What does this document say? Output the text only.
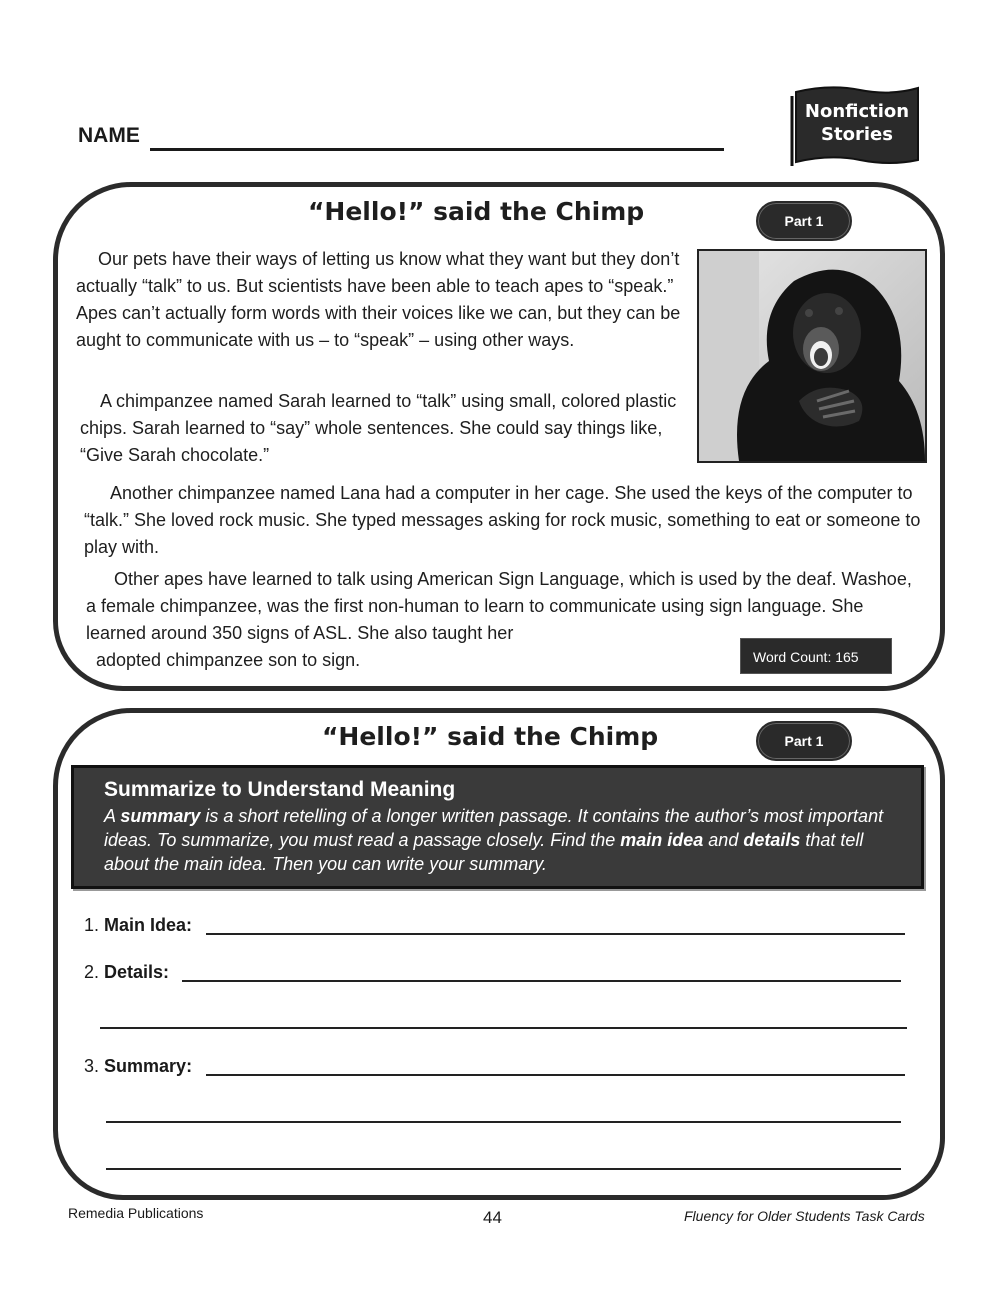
NAME
Nonfiction
Stories
“Hello!” said the Chimp	Part 1
Our pets have their ways of letting us know what they want but they don’t actually “talk” to us. But scientists have been able to teach apes to “speak.” Apes can’t actually form words with their voices like we can, but they can be aught to communicate with us – to “speak” – using other ways.
A chimpanzee named Sarah learned to “talk” using small, colored plastic chips. Sarah learned to “say” whole sentences. She could say things like, “Give Sarah chocolate.”
Another chimpanzee named Lana had a computer in her cage. She used the keys of the computer to “talk.” She loved rock music. She typed messages asking for rock music, something to eat or someone to play with.
Other apes have learned to talk using American Sign Language, which is used by the deaf. Washoe, a female chimpanzee, was the first non-human to learn to communicate using sign language. She learned around 350 signs of ASL. She also taught her
adopted chimpanzee son to sign.	Word Count: 165
“Hello!” said the Chimp	Part 1
Summarize to Understand Meaning
A summary is a short retelling of a longer written passage. It contains the author’s most important ideas. To summarize, you must read a passage closely. Find the main idea and details that tell about the main idea. Then you can write your summary.
1. Main Idea:
2. Details:
3. Summary:
Remedia Publications	44	Fluency for Older Students Task Cards
